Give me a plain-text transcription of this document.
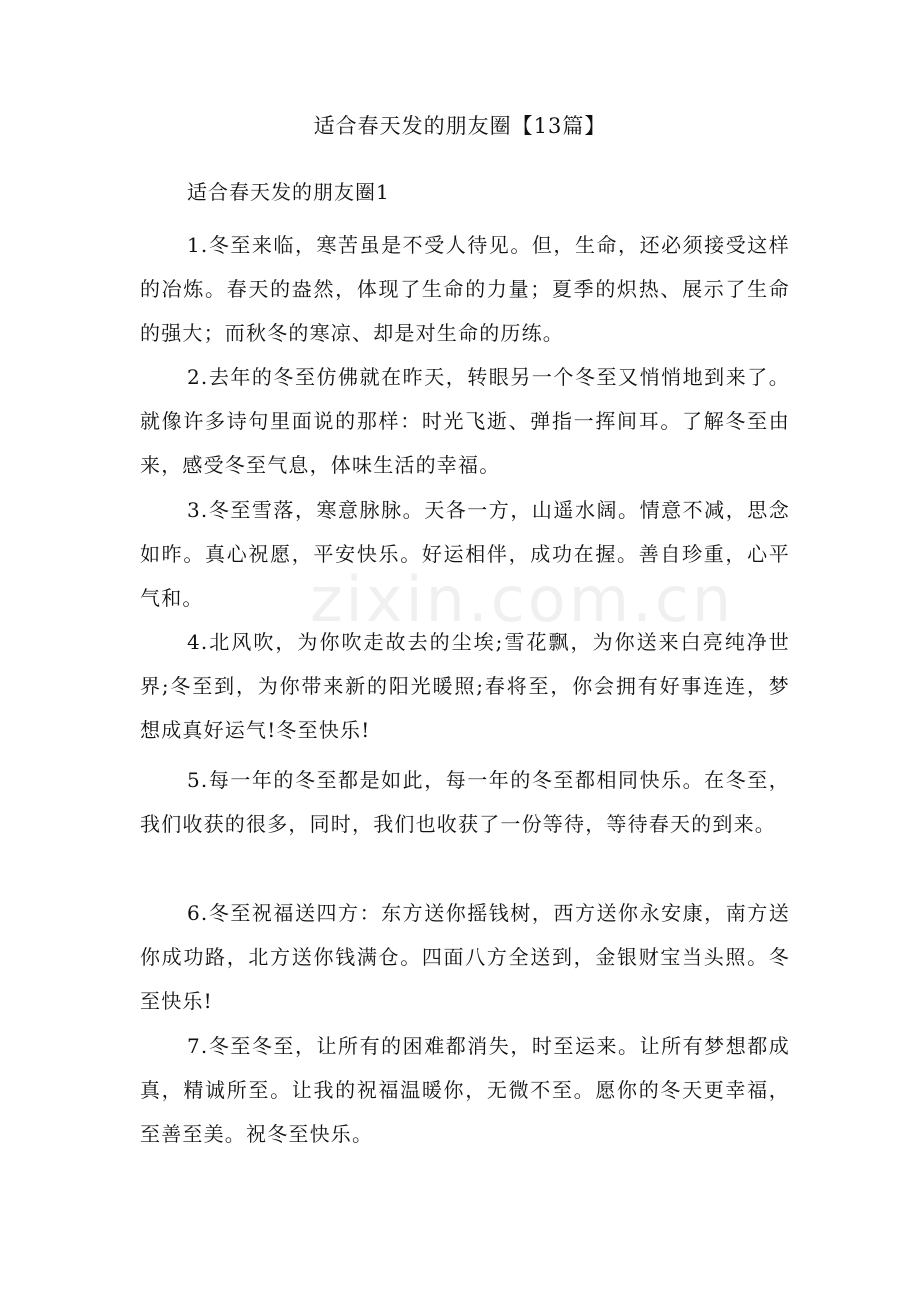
适合春天发的朋友圈【13篇】
适合春天发的朋友圈1

1.冬至来临，寒苦虽是不受人待见。但，生命，还必须接受这样的冶炼。春天的盎然，体现了生命的力量；夏季的炽热、展示了生命的强大；而秋冬的寒凉、却是对生命的历练。

2.去年的冬至仿佛就在昨天，转眼另一个冬至又悄悄地到来了。就像许多诗句里面说的那样：时光飞逝、弹指一挥间耳。了解冬至由来，感受冬至气息，体味生活的幸福。

3.冬至雪落，寒意脉脉。天各一方，山遥水阔。情意不减，思念如昨。真心祝愿，平安快乐。好运相伴，成功在握。善自珍重，心平气和。

4.北风吹，为你吹走故去的尘埃;雪花飘，为你送来白亮纯净世界;冬至到，为你带来新的阳光暖照;春将至，你会拥有好事连连，梦想成真好运气!冬至快乐!

5.每一年的冬至都是如此，每一年的冬至都相同快乐。在冬至，我们收获的很多，同时，我们也收获了一份等待，等待春天的到来。

6.冬至祝福送四方：东方送你摇钱树，西方送你永安康，南方送你成功路，北方送你钱满仓。四面八方全送到，金银财宝当头照。冬至快乐!

7.冬至冬至，让所有的困难都消失，时至运来。让所有梦想都成真，精诚所至。让我的祝福温暖你，无微不至。愿你的冬天更幸福，至善至美。祝冬至快乐。

zixin.com.cn
